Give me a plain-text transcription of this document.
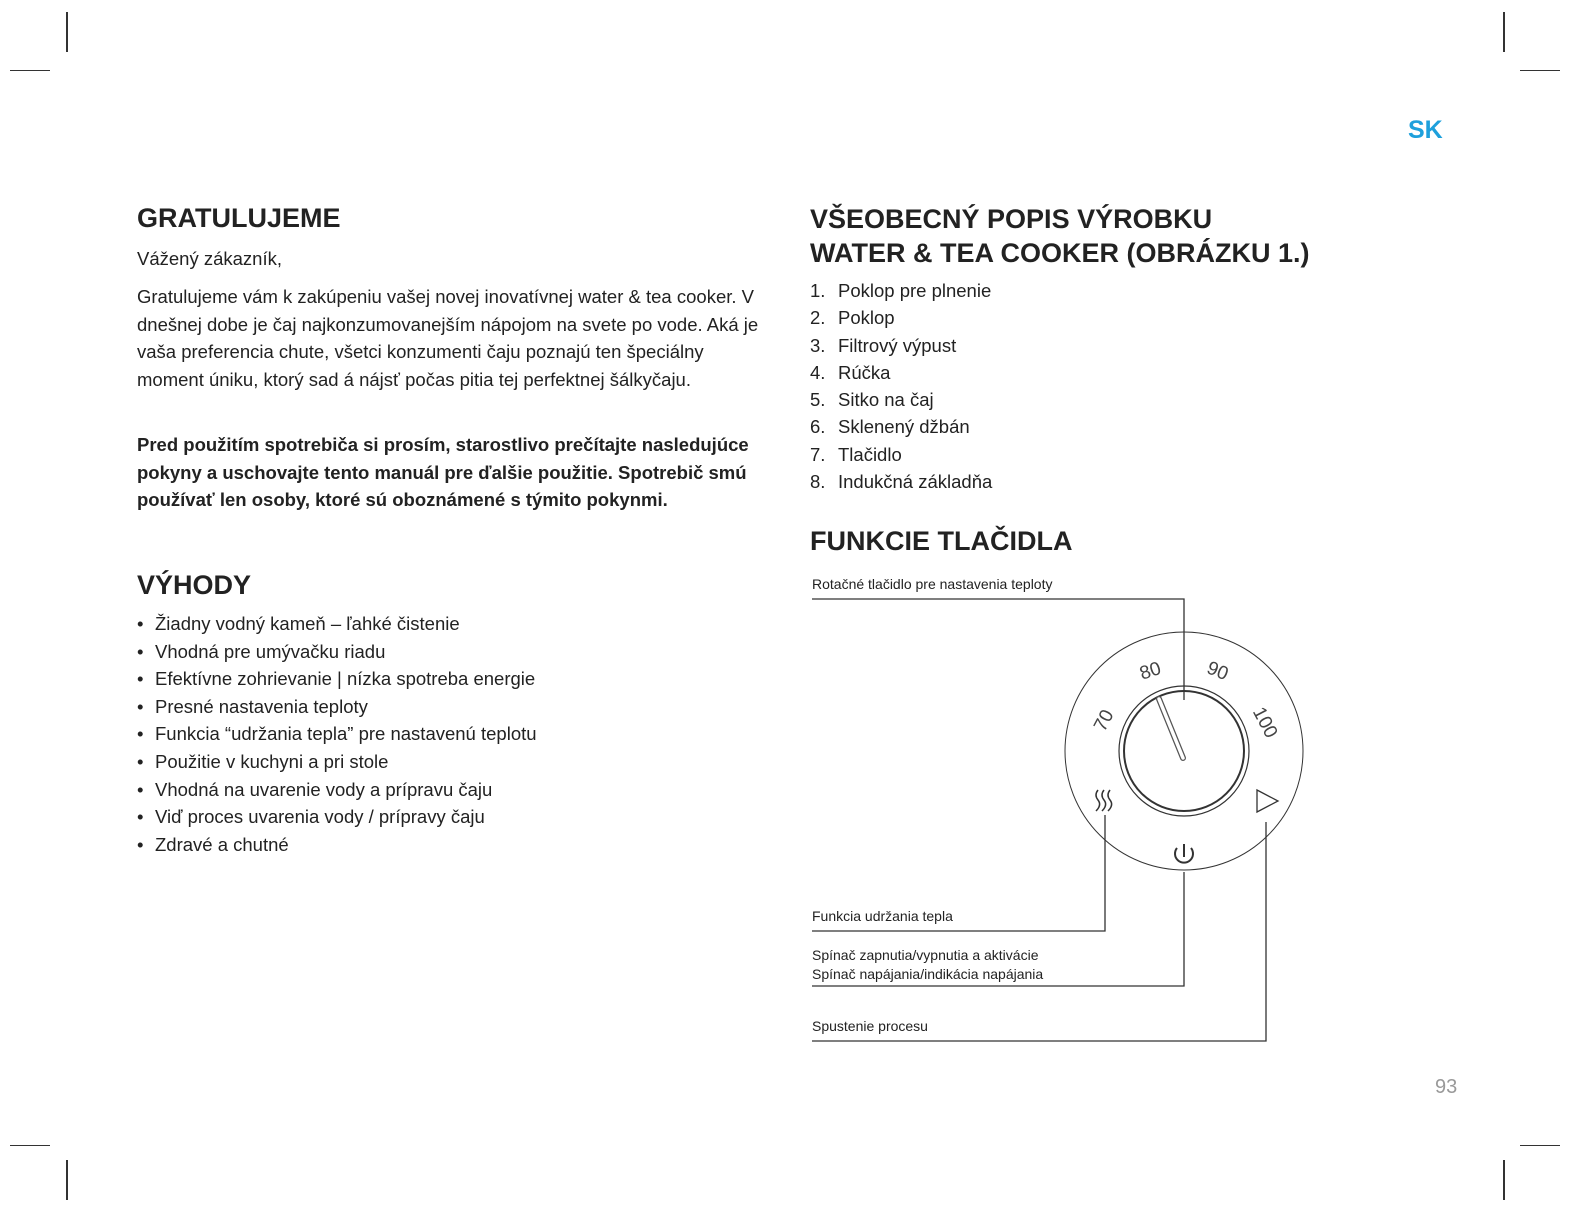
SK
93
GRATULUJEME
Vážený zákazník,
Gratulujeme vám k zakúpeniu vašej novej inovatívnej water & tea cooker. V dnešnej dobe je čaj najkonzumovanejším nápojom na svete po vode. Aká je vaša preferencia chute, všetci konzumenti čaju poznajú ten špeciálny moment úniku, ktorý sad á nájsť počas pitia tej perfektnej šálkyčaju.
Pred použitím spotrebiča si prosím, starostlivo prečítajte nasledujúce pokyny a uschovajte tento manuál pre ďalšie použitie. Spotrebič smú používať len osoby, ktoré sú oboznámené s týmito pokynmi.
VÝHODY
• Žiadny vodný kameň – ľahké čistenie
• Vhodná pre umývačku riadu
• Efektívne zohrievanie | nízka spotreba energie
• Presné nastavenia teploty
• Funkcia “udržania tepla” pre nastavenú teplotu
• Použitie v kuchyni a pri stole
• Vhodná na uvarenie vody a prípravu čaju
• Viď proces uvarenia vody / prípravy čaju
• Zdravé a chutné
VŠEOBECNÝ POPIS VÝROBKU
WATER & TEA COOKER (OBRÁZKU 1.)
1. Poklop pre plnenie
2. Poklop
3. Filtrový výpust
4. Rúčka
5. Sitko na čaj
6. Sklenený džbán
7. Tlačidlo
8. Indukčná základňa
FUNKCIE TLAČIDLA
Rotačné tlačidlo pre nastavenia teploty
Funkcia udržania tepla
Spínač zapnutia/vypnutia a aktivácie
Spínač napájania/indikácia napájania
Spustenie procesu
70
80 90
100
